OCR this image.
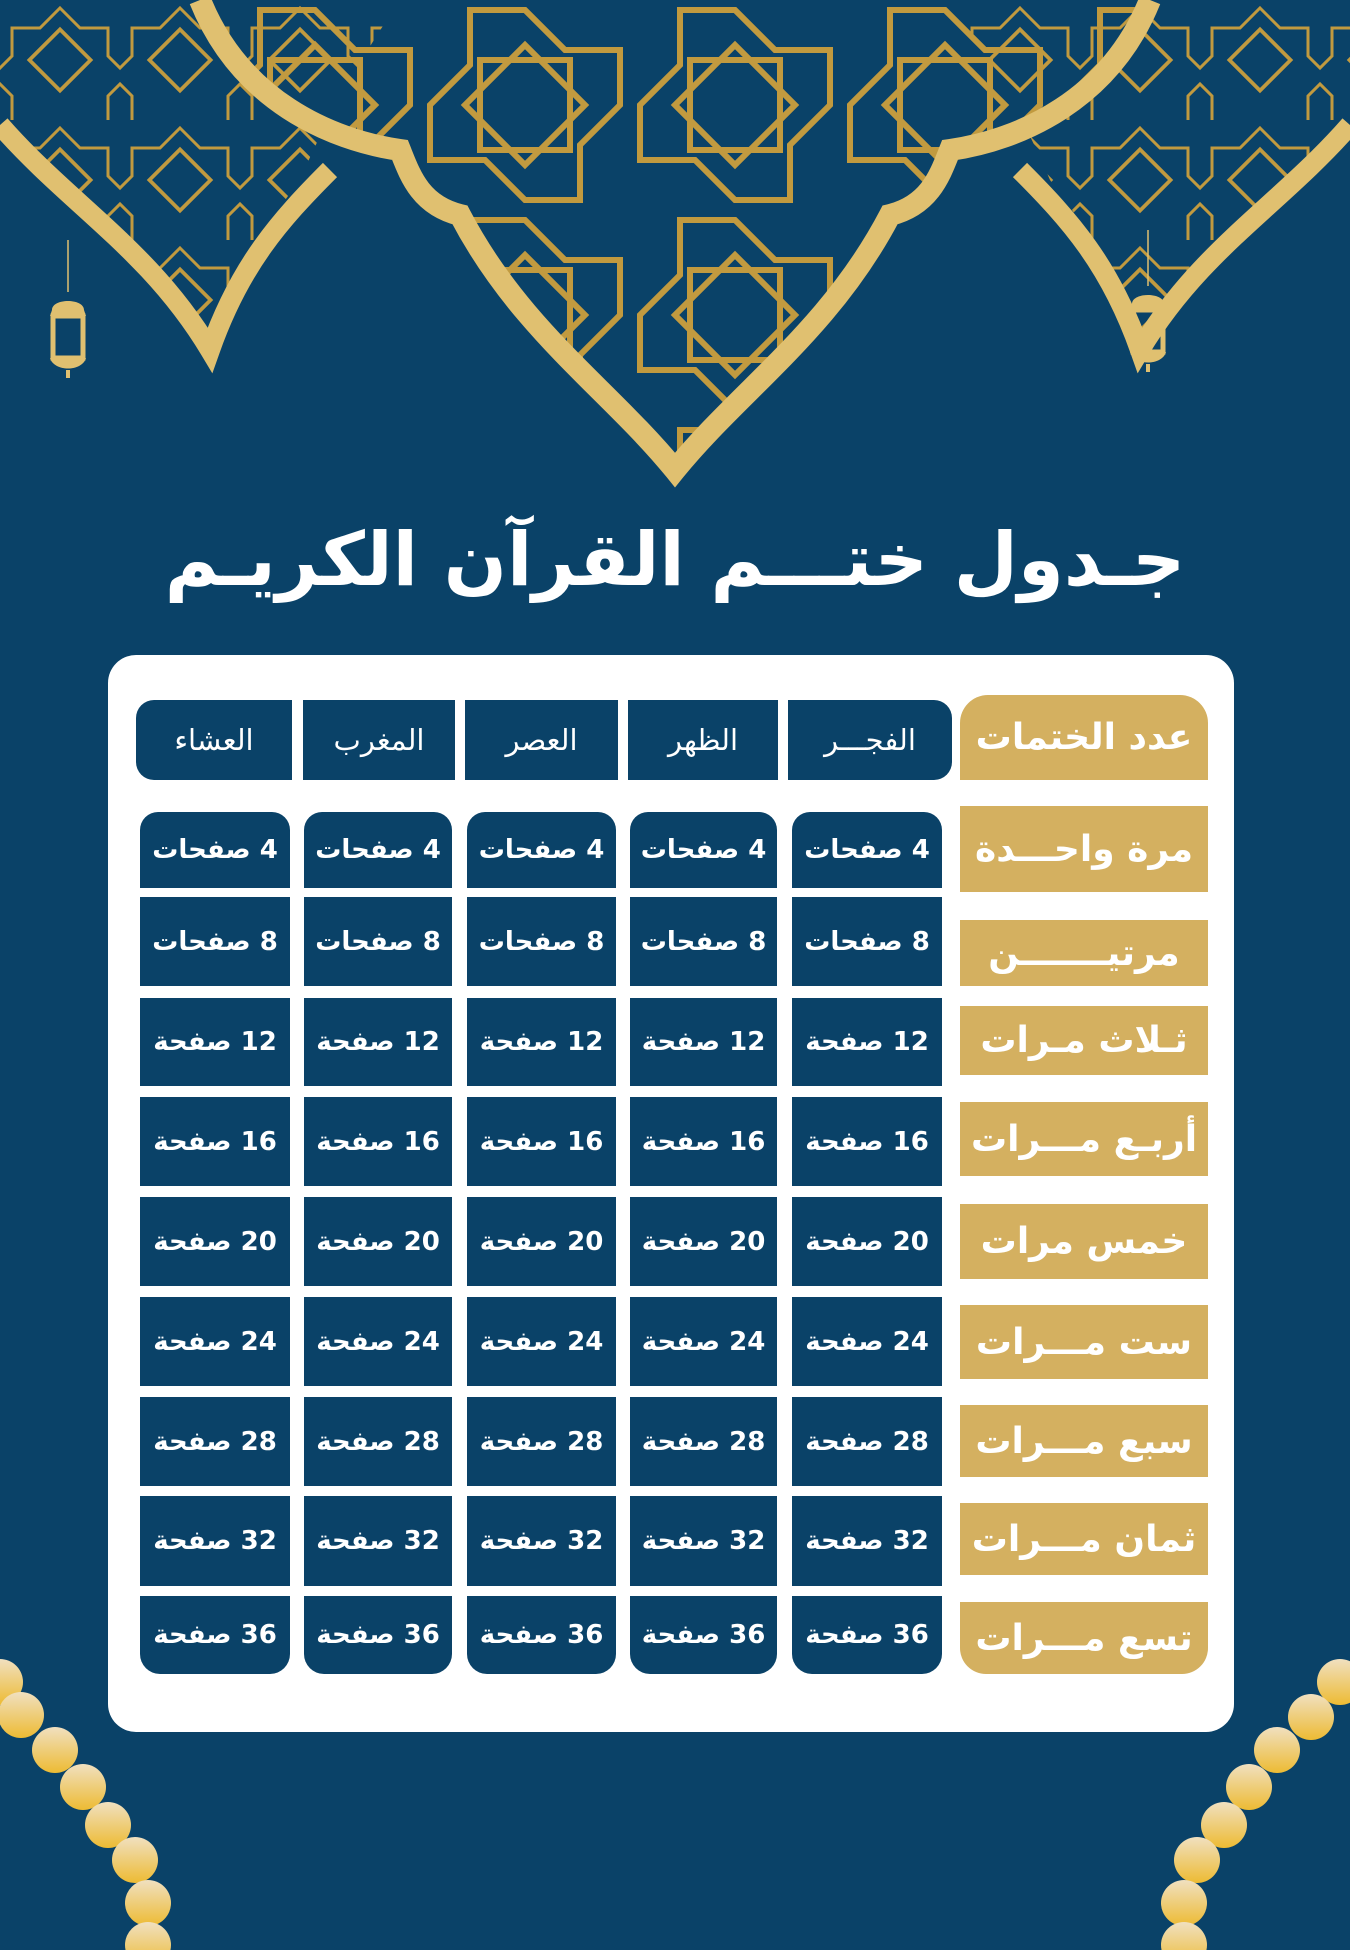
جـدول ختـــم القرآن الكريـم
عدد الختمات
الفجـــر
الظهر
العصر
المغرب
العشاء
مرة واحـــدة
4 صفحات
4 صفحات
4 صفحات
4 صفحات
4 صفحات
مرتيـــــــن
8 صفحات
8 صفحات
8 صفحات
8 صفحات
8 صفحات
ثـلاث مـرات
12 صفحة
12 صفحة
12 صفحة
12 صفحة
12 صفحة
أربـع مـــرات
16 صفحة
16 صفحة
16 صفحة
16 صفحة
16 صفحة
خمس مرات
20 صفحة
20 صفحة
20 صفحة
20 صفحة
20 صفحة
ست مـــرات
24 صفحة
24 صفحة
24 صفحة
24 صفحة
24 صفحة
سبع مـــرات
28 صفحة
28 صفحة
28 صفحة
28 صفحة
28 صفحة
ثمان مـــرات
32 صفحة
32 صفحة
32 صفحة
32 صفحة
32 صفحة
تسع مـــرات
36 صفحة
36 صفحة
36 صفحة
36 صفحة
36 صفحة
